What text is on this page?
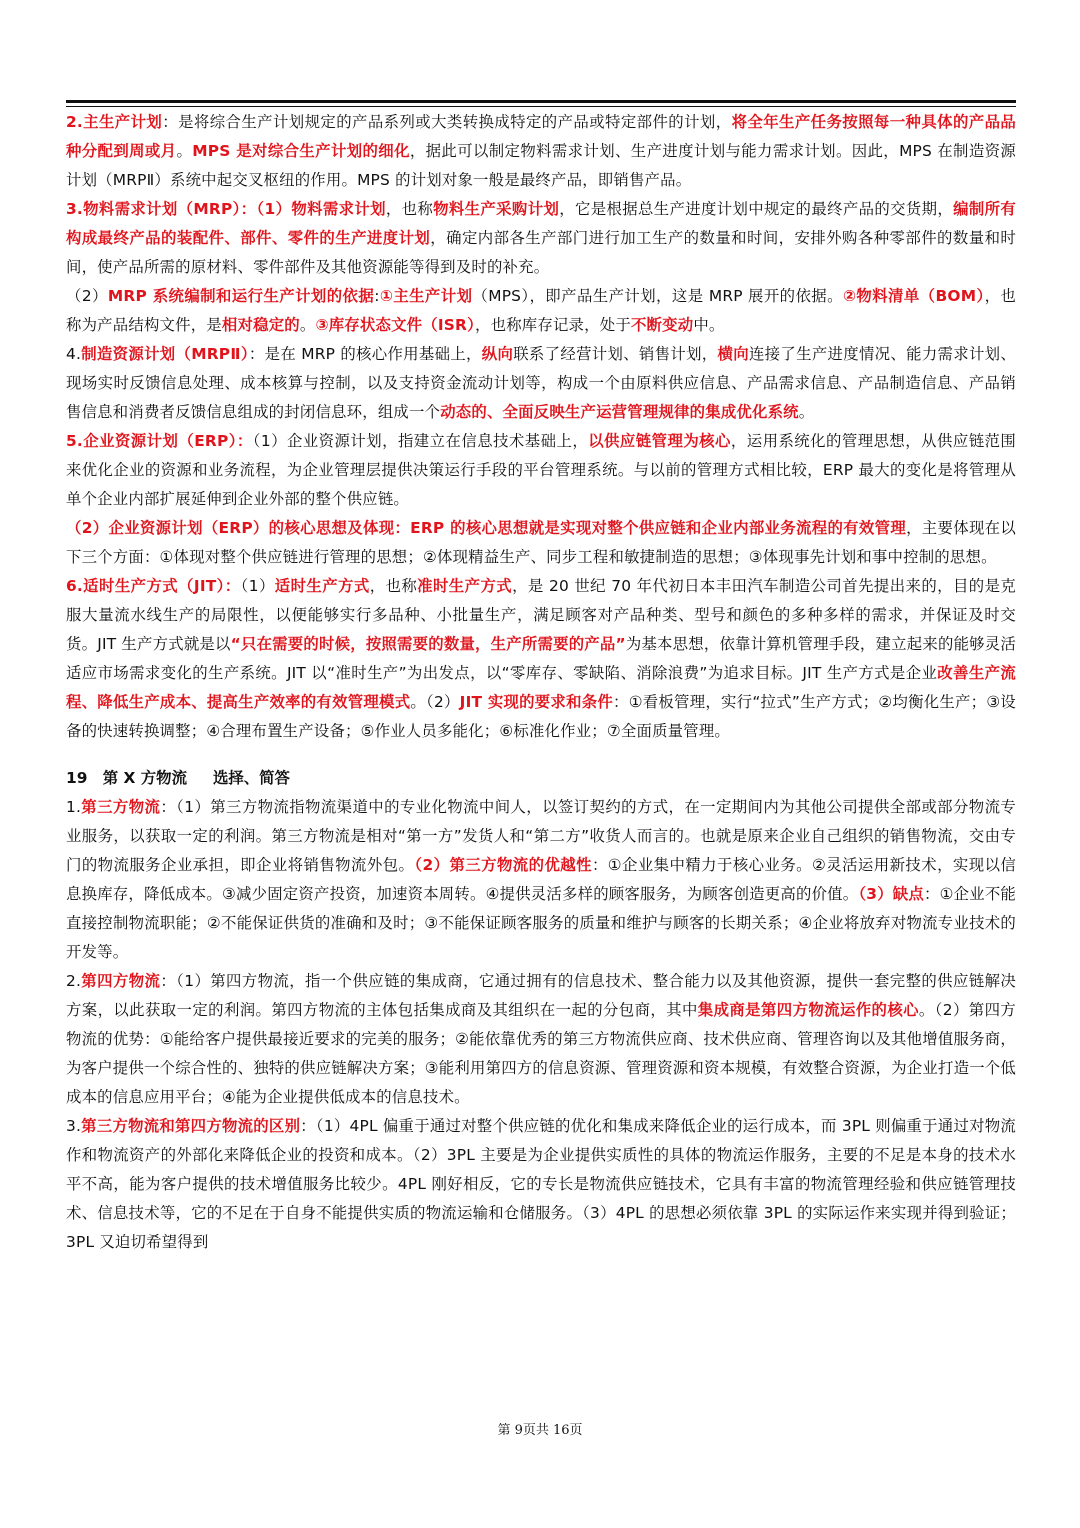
2.主生产计划：是将综合生产计划规定的产品系列或大类转换成特定的产品或特定部件的计划，将全年生产任务按照每一种具体的产品品种分配到周或月。MPS 是对综合生产计划的细化，据此可以制定物料需求计划、生产进度计划与能力需求计划。因此，MPS 在制造资源计划（MRPⅡ）系统中起交叉枢纽的作用。MPS 的计划对象一般是最终产品，即销售产品。

3.物料需求计划（MRP）：（1）物料需求计划，也称物料生产采购计划，它是根据总生产进度计划中规定的最终产品的交货期，编制所有构成最终产品的装配件、部件、零件的生产进度计划，确定内部各生产部门进行加工生产的数量和时间，安排外购各种零部件的数量和时间，使产品所需的原材料、零件部件及其他资源能等得到及时的补充。

（2）MRP 系统编制和运行生产计划的依据:①主生产计划（MPS），即产品生产计划，这是 MRP 展开的依据。②物料清单（BOM），也称为产品结构文件，是相对稳定的。③库存状态文件（ISR），也称库存记录，处于不断变动中。

4.制造资源计划（MRPⅡ）：是在 MRP 的核心作用基础上，纵向联系了经营计划、销售计划，横向连接了生产进度情况、能力需求计划、现场实时反馈信息处理、成本核算与控制，以及支持资金流动计划等，构成一个由原料供应信息、产品需求信息、产品制造信息、产品销售信息和消费者反馈信息组成的封闭信息环，组成一个动态的、全面反映生产运营管理规律的集成优化系统。

5.企业资源计划（ERP）：（1）企业资源计划，指建立在信息技术基础上，以供应链管理为核心，运用系统化的管理思想，从供应链范围来优化企业的资源和业务流程，为企业管理层提供决策运行手段的平台管理系统。与以前的管理方式相比较，ERP 最大的变化是将管理从单个企业内部扩展延伸到企业外部的整个供应链。

（2）企业资源计划（ERP）的核心思想及体现：ERP 的核心思想就是实现对整个供应链和企业内部业务流程的有效管理，主要体现在以下三个方面：①体现对整个供应链进行管理的思想；②体现精益生产、同步工程和敏捷制造的思想；③体现事先计划和事中控制的思想。

6.适时生产方式（JIT）：（1）适时生产方式，也称准时生产方式，是 20 世纪 70 年代初日本丰田汽车制造公司首先提出来的，目的是克服大量流水线生产的局限性，以便能够实行多品种、小批量生产，满足顾客对产品种类、型号和颜色的多种多样的需求，并保证及时交货。JIT 生产方式就是以“只在需要的时候，按照需要的数量，生产所需要的产品”为基本思想，依靠计算机管理手段，建立起来的能够灵活适应市场需求变化的生产系统。JIT 以“准时生产”为出发点，以“零库存、零缺陷、消除浪费”为追求目标。JIT 生产方式是企业改善生产流程、降低生产成本、提高生产效率的有效管理模式。（2）JIT 实现的要求和条件：①看板管理，实行“拉式”生产方式；②均衡化生产；③设备的快速转换调整；④合理布置生产设备；⑤作业人员多能化；⑥标准化作业；⑦全面质量管理。

19　第 X 方物流 选择、简答

1.第三方物流：（1）第三方物流指物流渠道中的专业化物流中间人，以签订契约的方式，在一定期间内为其他公司提供全部或部分物流专业服务，以获取一定的利润。第三方物流是相对“第一方”发货人和“第二方”收货人而言的。也就是原来企业自己组织的销售物流，交由专门的物流服务企业承担，即企业将销售物流外包。（2）第三方物流的优越性：①企业集中精力于核心业务。②灵活运用新技术，实现以信息换库存，降低成本。③减少固定资产投资，加速资本周转。④提供灵活多样的顾客服务，为顾客创造更高的价值。（3）缺点：①企业不能直接控制物流职能；②不能保证供货的准确和及时；③不能保证顾客服务的质量和维护与顾客的长期关系；④企业将放弃对物流专业技术的开发等。

2.第四方物流：（1）第四方物流，指一个供应链的集成商，它通过拥有的信息技术、整合能力以及其他资源，提供一套完整的供应链解决方案，以此获取一定的利润。第四方物流的主体包括集成商及其组织在一起的分包商，其中集成商是第四方物流运作的核心。（2）第四方物流的优势：①能给客户提供最接近要求的完美的服务；②能依靠优秀的第三方物流供应商、技术供应商、管理咨询以及其他增值服务商，为客户提供一个综合性的、独特的供应链解决方案；③能利用第四方的信息资源、管理资源和资本规模，有效整合资源，为企业打造一个低成本的信息应用平台；④能为企业提供低成本的信息技术。

3.第三方物流和第四方物流的区别：（1）4PL 偏重于通过对整个供应链的优化和集成来降低企业的运行成本，而 3PL 则偏重于通过对物流作和物流资产的外部化来降低企业的投资和成本。（2）3PL 主要是为企业提供实质性的具体的物流运作服务，主要的不足是本身的技术水平不高，能为客户提供的技术增值服务比较少。4PL 刚好相反，它的专长是物流供应链技术，它具有丰富的物流管理经验和供应链管理技术、信息技术等，它的不足在于自身不能提供实质的物流运输和仓储服务。（3）4PL 的思想必须依靠 3PL 的实际运作来实现并得到验证；3PL 又迫切希望得到

第 9页共 16页
